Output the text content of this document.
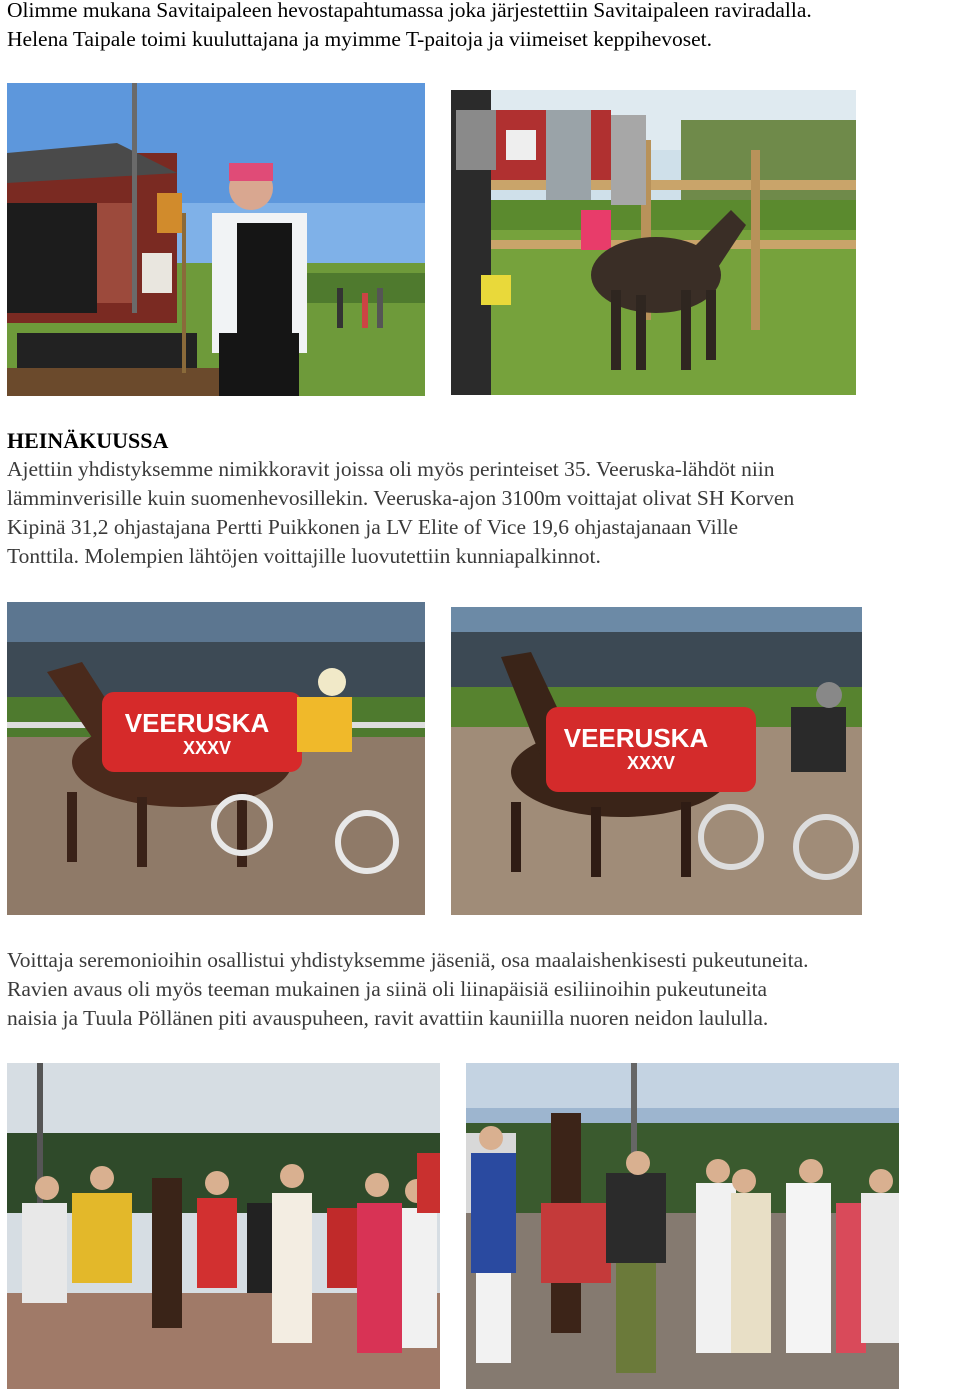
Olimme mukana Savitaipaleen hevostapahtumassa joka järjestettiin Savitaipaleen raviradalla.
Helena Taipale toimi kuuluttajana ja myimme T-paitoja ja viimeiset keppihevoset.
HEINÄKUUSSA
Ajettiin yhdistyksemme nimikkoravit joissa oli myös perinteiset 35. Veeruska-lähdöt niin
lämminverisille kuin suomenhevosillekin. Veeruska-ajon 3100m voittajat olivat SH Korven
Kipinä 31,2 ohjastajana Pertti Puikkonen ja LV Elite of Vice 19,6 ohjastajanaan Ville
Tonttila. Molempien lähtöjen voittajille luovutettiin kunniapalkinnot.
VEERUSKA
XXXV	VEERUSKA
XXXV
Voittaja seremonioihin osallistui yhdistyksemme jäseniä, osa maalaishenkisesti pukeutuneita.
Ravien avaus oli myös teeman mukainen ja siinä oli liinapäisiä esiliinoihin pukeutuneita
naisia ja Tuula Pöllänen piti avauspuheen, ravit avattiin kauniilla nuoren neidon laululla.
